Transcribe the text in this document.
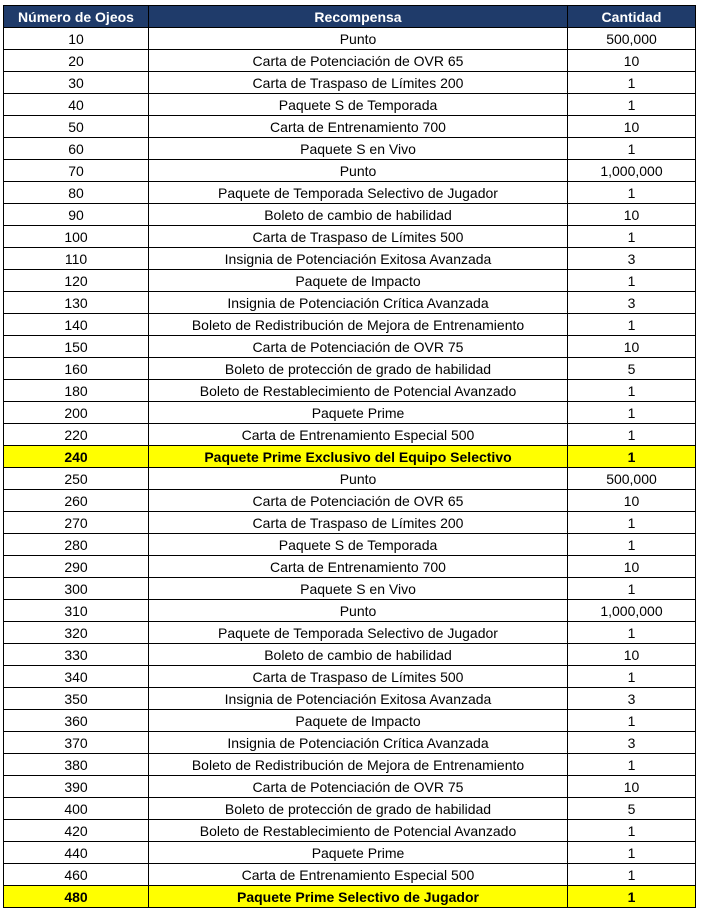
Número de Ojeos	Recompensa	Cantidad
10	Punto	500,000
20	Carta de Potenciación de OVR 65	10
30	Carta de Traspaso de Límites 200	1
40	Paquete S de Temporada	1
50	Carta de Entrenamiento 700	10
60	Paquete S en Vivo	1
70	Punto	1,000,000
80	Paquete de Temporada Selectivo de Jugador	1
90	Boleto de cambio de habilidad	10
100	Carta de Traspaso de Límites 500	1
110	Insignia de Potenciación Exitosa Avanzada	3
120	Paquete de Impacto	1
130	Insignia de Potenciación Crítica Avanzada	3
140	Boleto de Redistribución de Mejora de Entrenamiento	1
150	Carta de Potenciación de OVR 75	10
160	Boleto de protección de grado de habilidad	5
180	Boleto de Restablecimiento de Potencial Avanzado	1
200	Paquete Prime	1
220	Carta de Entrenamiento Especial 500	1
240	Paquete Prime Exclusivo del Equipo Selectivo	1
250	Punto	500,000
260	Carta de Potenciación de OVR 65	10
270	Carta de Traspaso de Límites 200	1
280	Paquete S de Temporada	1
290	Carta de Entrenamiento 700	10
300	Paquete S en Vivo	1
310	Punto	1,000,000
320	Paquete de Temporada Selectivo de Jugador	1
330	Boleto de cambio de habilidad	10
340	Carta de Traspaso de Límites 500	1
350	Insignia de Potenciación Exitosa Avanzada	3
360	Paquete de Impacto	1
370	Insignia de Potenciación Crítica Avanzada	3
380	Boleto de Redistribución de Mejora de Entrenamiento	1
390	Carta de Potenciación de OVR 75	10
400	Boleto de protección de grado de habilidad	5
420	Boleto de Restablecimiento de Potencial Avanzado	1
440	Paquete Prime	1
460	Carta de Entrenamiento Especial 500	1
480	Paquete Prime Selectivo de Jugador	1
